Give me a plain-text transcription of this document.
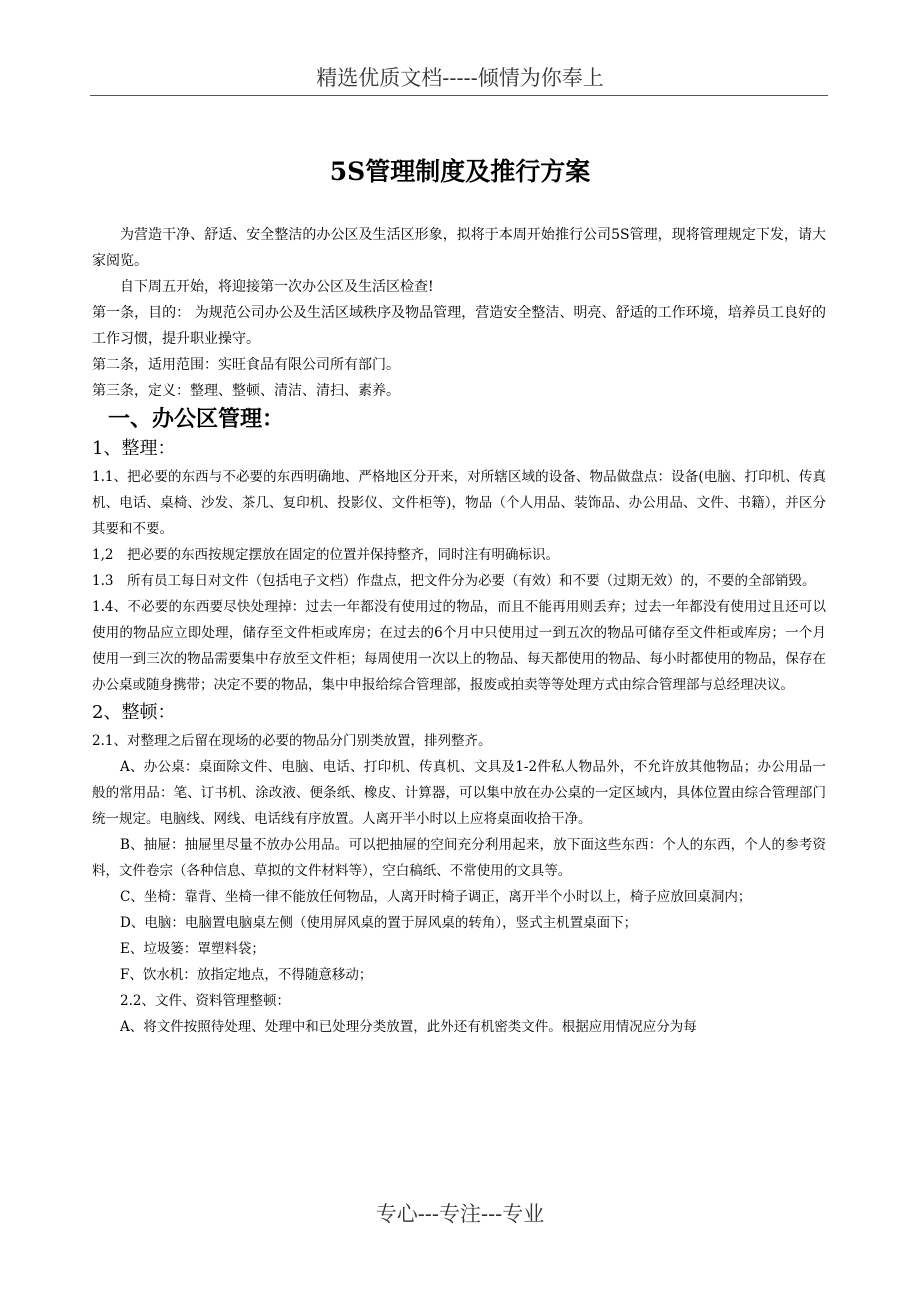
精选优质文档-----倾情为你奉上
5S管理制度及推行方案

为营造干净、舒适、安全整洁的办公区及生活区形象，拟将于本周开始推行公司5S管理，现将管理规定下发，请大家阅览。

自下周五开始，将迎接第一次办公区及生活区检查!

第一条，目的： 为规范公司办公及生活区域秩序及物品管理，营造安全整洁、明亮、舒适的工作环境，培养员工良好的工作习惯，提升职业操守。

第二条，适用范围：实旺食品有限公司所有部门。

第三条，定义：整理、整顿、清洁、清扫、素养。

一、办公区管理：

1、整理：

1.1、把必要的东西与不必要的东西明确地、严格地区分开来，对所辖区域的设备、物品做盘点：设备(电脑、打印机、传真机、电话、桌椅、沙发、茶几、复印机、投影仪、文件柜等)，物品（个人用品、装饰品、办公用品、文件、书籍），并区分其要和不要。

1,2　把必要的东西按规定摆放在固定的位置并保持整齐，同时注有明确标识。

1.3　所有员工每日对文件（包括电子文档）作盘点，把文件分为必要（有效）和不要（过期无效）的，不要的全部销毁。

1.4、不必要的东西要尽快处理掉：过去一年都没有使用过的物品，而且不能再用则丢弃；过去一年都没有使用过且还可以使用的物品应立即处理，储存至文件柜或库房；在过去的6个月中只使用过一到五次的物品可储存至文件柜或库房；一个月使用一到三次的物品需要集中存放至文件柜；每周使用一次以上的物品、每天都使用的物品、每小时都使用的物品，保存在办公桌或随身携带；决定不要的物品，集中申报给综合管理部，报废或拍卖等等处理方式由综合管理部与总经理决议。

2、整顿：

2.1、对整理之后留在现场的必要的物品分门别类放置，排列整齐。

A、办公桌：桌面除文件、电脑、电话、打印机、传真机、文具及1-2件私人物品外，不允许放其他物品；办公用品一般的常用品：笔、订书机、涂改液、便条纸、橡皮、计算器，可以集中放在办公桌的一定区域内，具体位置由综合管理部门统一规定。电脑线、网线、电话线有序放置。人离开半小时以上应将桌面收拾干净。

B、抽屉：抽屉里尽量不放办公用品。可以把抽屉的空间充分利用起来，放下面这些东西：个人的东西，个人的参考资料，文件卷宗（各种信息、草拟的文件材料等），空白稿纸、不常使用的文具等。

C、坐椅：靠背、坐椅一律不能放任何物品，人离开时椅子调正，离开半个小时以上，椅子应放回桌洞内；

D、电脑：电脑置电脑桌左侧（使用屏风桌的置于屏风桌的转角），竖式主机置桌面下；

E、垃圾篓：罩塑料袋；

F、饮水机：放指定地点，不得随意移动；

2.2、文件、资料管理整顿：

A、将文件按照待处理、处理中和已处理分类放置，此外还有机密类文件。根据应用情况应分为每

专心---专注---专业
